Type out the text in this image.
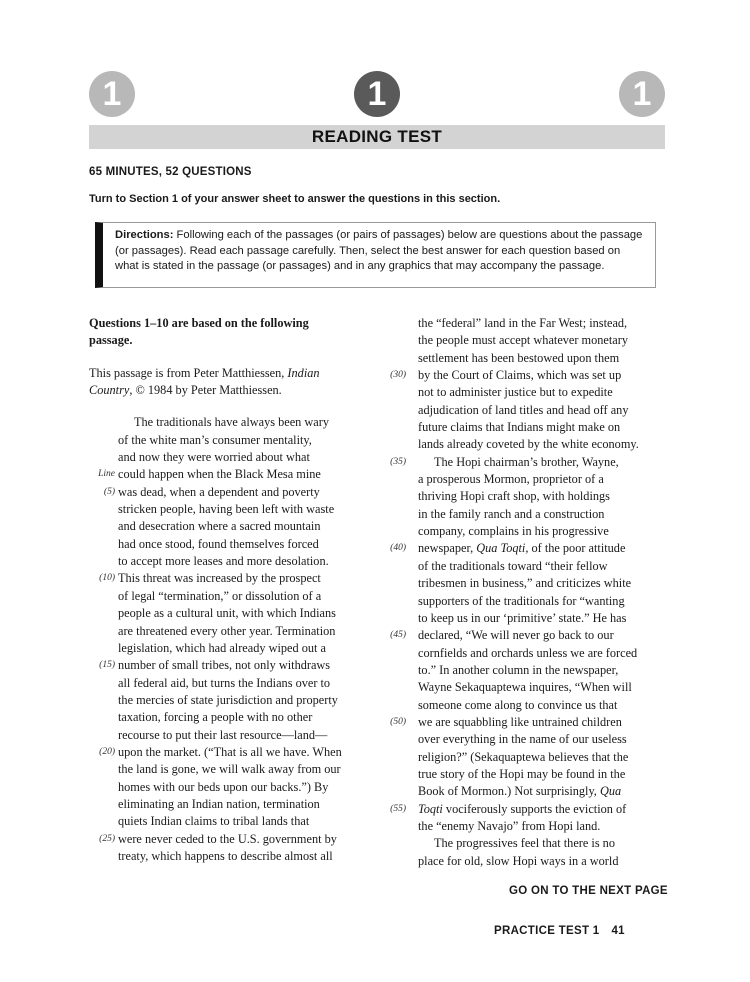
1	1	1
READING TEST
65 MINUTES, 52 QUESTIONS
Turn to Section 1 of your answer sheet to answer the questions in this section.
Directions: Following each of the passages (or pairs of passages) below are questions about the passage (or passages). Read each passage carefully. Then, select the best answer for each question based on what is stated in the passage (or passages) and in any graphics that may accompany the passage.
Questions 1–10 are based on the following
passage.
This passage is from Peter Matthiessen, Indian
Country, © 1984 by Peter Matthiessen.
The traditionals have always been wary
of the white man’s consumer mentality,
and now they were worried about what
Line could happen when the Black Mesa mine
(5) was dead, when a dependent and poverty
stricken people, having been left with waste
and desecration where a sacred mountain
had once stood, found themselves forced
to accept more leases and more desolation.
(10) This threat was increased by the prospect
of legal “termination,” or dissolution of a
people as a cultural unit, with which Indians
are threatened every other year. Termination
legislation, which had already wiped out a
(15) number of small tribes, not only withdraws
all federal aid, but turns the Indians over to
the mercies of state jurisdiction and property
taxation, forcing a people with no other
recourse to put their last resource—land—
(20) upon the market. (“That is all we have. When
the land is gone, we will walk away from our
homes with our beds upon our backs.”) By
eliminating an Indian nation, termination
quiets Indian claims to tribal lands that
(25) were never ceded to the U.S. government by
treaty, which happens to describe almost all
the “federal” land in the Far West; instead,
the people must accept whatever monetary
settlement has been bestowed upon them
(30) by the Court of Claims, which was set up
not to administer justice but to expedite
adjudication of land titles and head off any
future claims that Indians might make on
lands already coveted by the white economy.
(35) The Hopi chairman’s brother, Wayne,
a prosperous Mormon, proprietor of a
thriving Hopi craft shop, with holdings
in the family ranch and a construction
company, complains in his progressive
(40) newspaper, Qua Toqti, of the poor attitude
of the traditionals toward “their fellow
tribesmen in business,” and criticizes white
supporters of the traditionals for “wanting
to keep us in our ‘primitive’ state.” He has
(45) declared, “We will never go back to our
cornfields and orchards unless we are forced
to.” In another column in the newspaper,
Wayne Sekaquaptewa inquires, “When will
someone come along to convince us that
(50) we are squabbling like untrained children
over everything in the name of our useless
religion?” (Sekaquaptewa believes that the
true story of the Hopi may be found in the
Book of Mormon.) Not surprisingly, Qua
(55) Toqti vociferously supports the eviction of
the “enemy Navajo” from Hopi land.
The progressives feel that there is no
place for old, slow Hopi ways in a world
GO ON TO THE NEXT PAGE
PRACTICE TEST 1 41
